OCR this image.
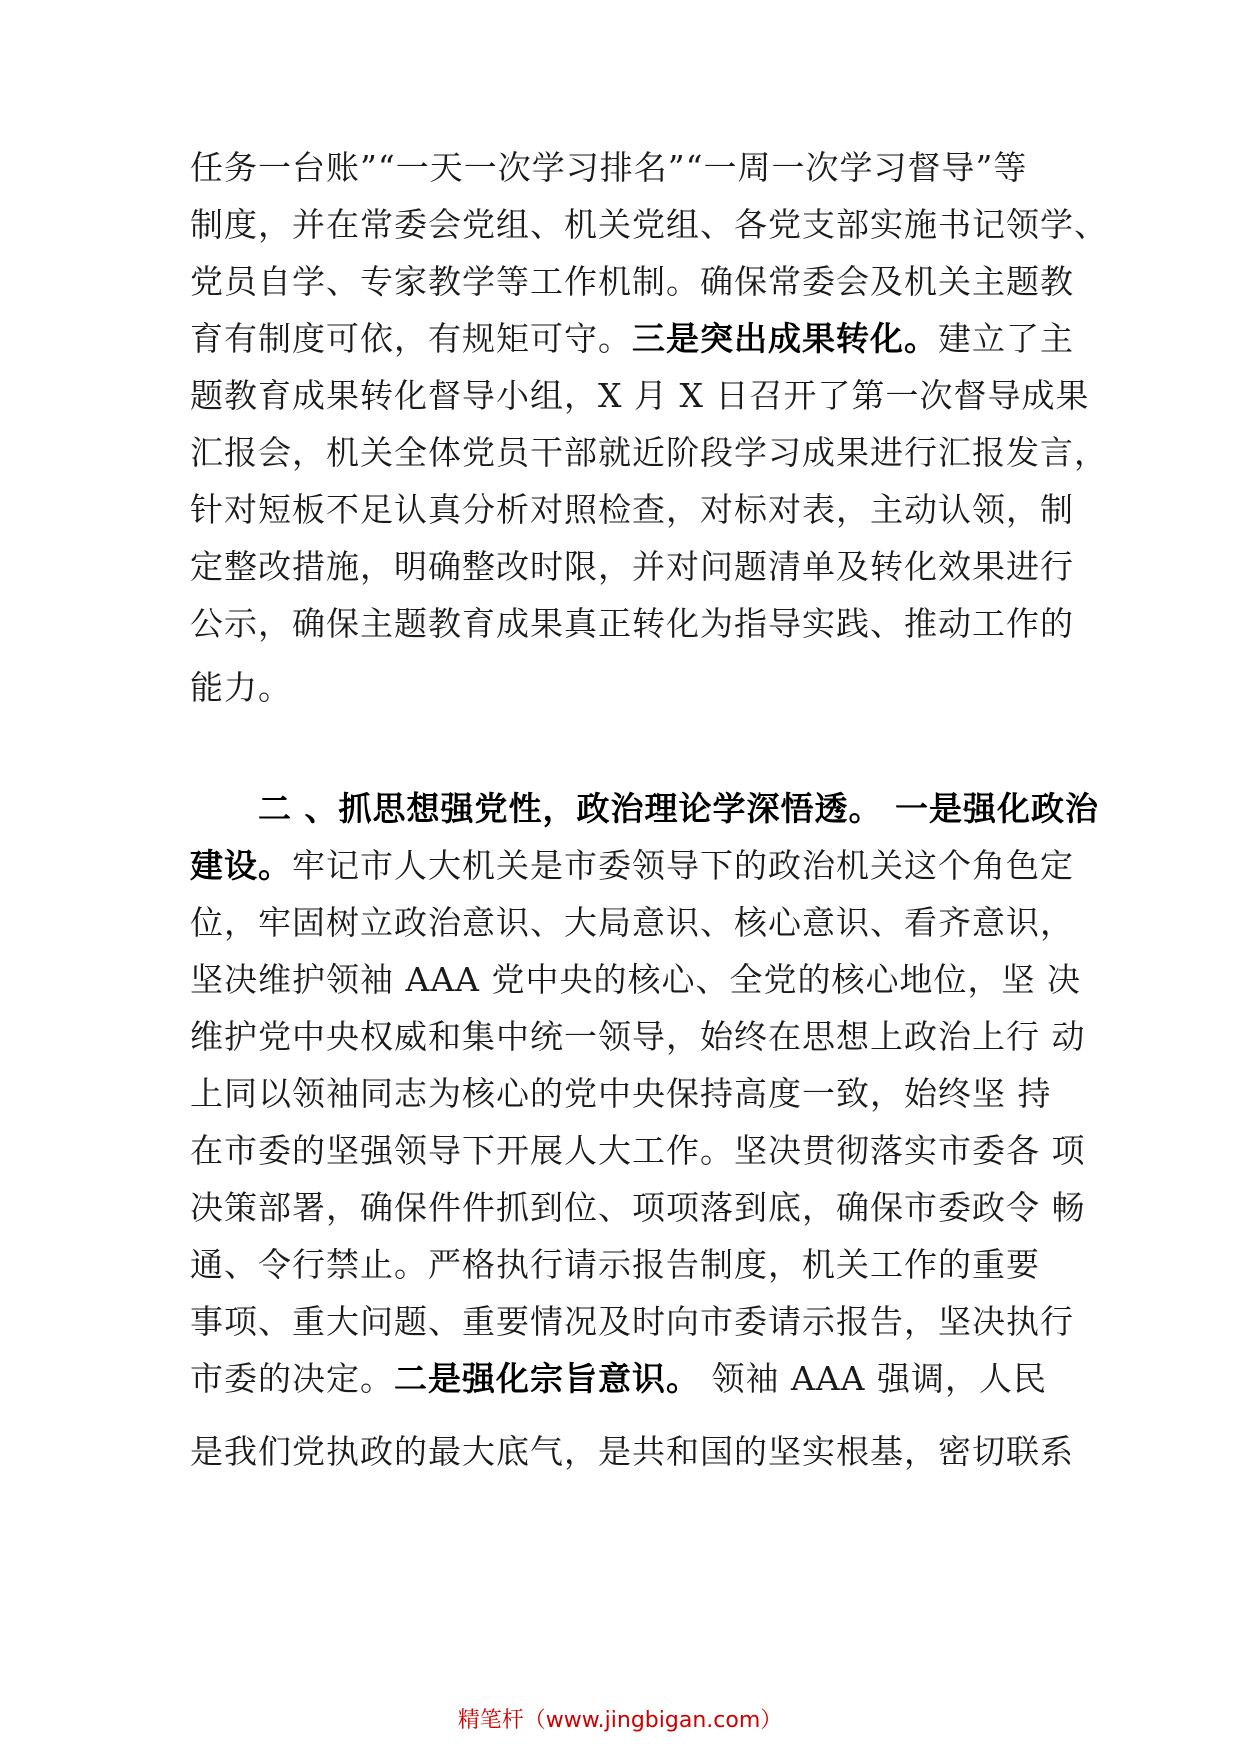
任务一台账”“一天一次学习排名”“一周一次学习督导”等
制度，并在常委会党组、机关党组、各党支部实施书记领学、
党员自学、专家教学等工作机制。确保常委会及机关主题教
育有制度可依，有规矩可守。三是突出成果转化。建立了主
题教育成果转化督导小组，X 月 X 日召开了第一次督导成果
汇报会，机关全体党员干部就近阶段学习成果进行汇报发言，
针对短板不足认真分析对照检查，对标对表，主动认领，制
定整改措施，明确整改时限，并对问题清单及转化效果进行
公示，确保主题教育成果真正转化为指导实践、推动工作的
能力。
二 、抓思想强党性，政治理论学深悟透。 一是强化政治
建设。牢记市人大机关是市委领导下的政治机关这个角色定
位，牢固树立政治意识、大局意识、核心意识、看齐意识，
坚决维护领袖 AAA 党中央的核心、全党的核心地位，坚 决
维护党中央权威和集中统一领导，始终在思想上政治上行 动
上同以领袖同志为核心的党中央保持高度一致，始终坚 持
在市委的坚强领导下开展人大工作。坚决贯彻落实市委各 项
决策部署，确保件件抓到位、项项落到底，确保市委政令 畅
通、令行禁止。严格执行请示报告制度，机关工作的重要
事项、重大问题、重要情况及时向市委请示报告，坚决执行
市委的决定。二是强化宗旨意识。 领袖 AAA 强调，人民
是我们党执政的最大底气，是共和国的坚实根基，密切联系
精笔杆（www.jingbigan.com）
